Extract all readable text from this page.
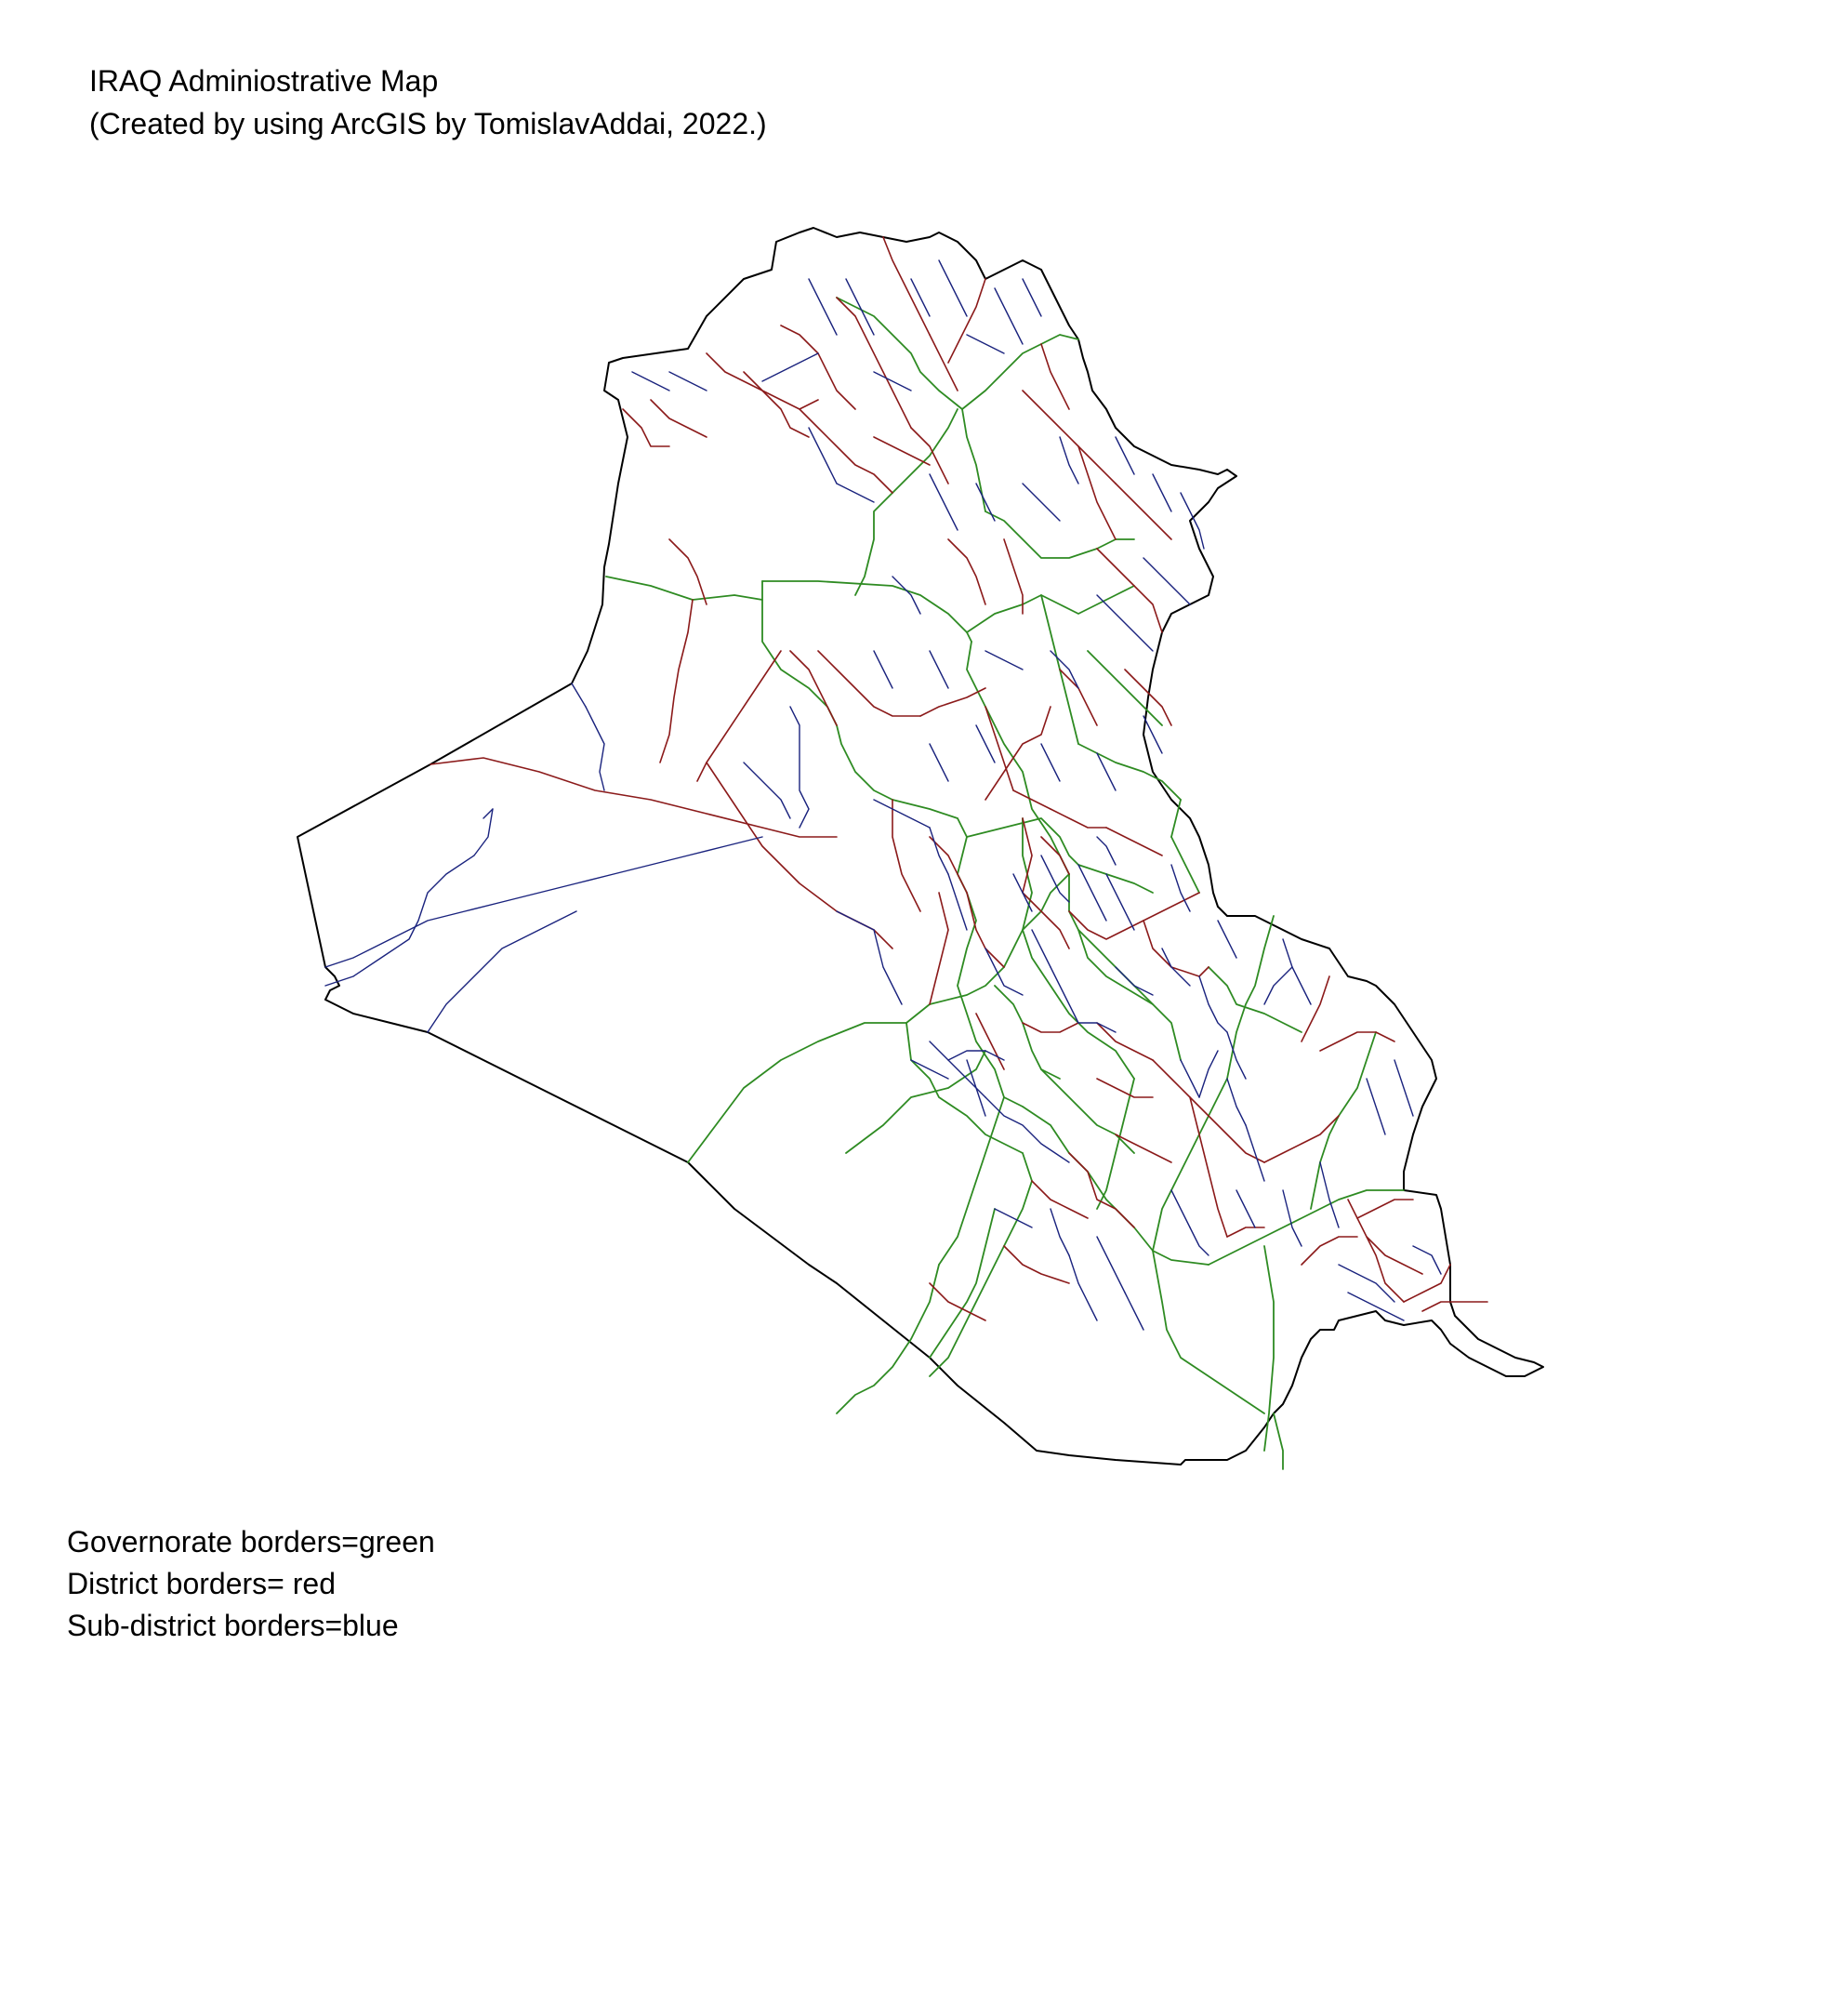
IRAQ Adminiostrative Map
(Created by using ArcGIS by TomislavAddai, 2022.)
Governorate borders=green
District borders= red
Sub-district borders=blue
